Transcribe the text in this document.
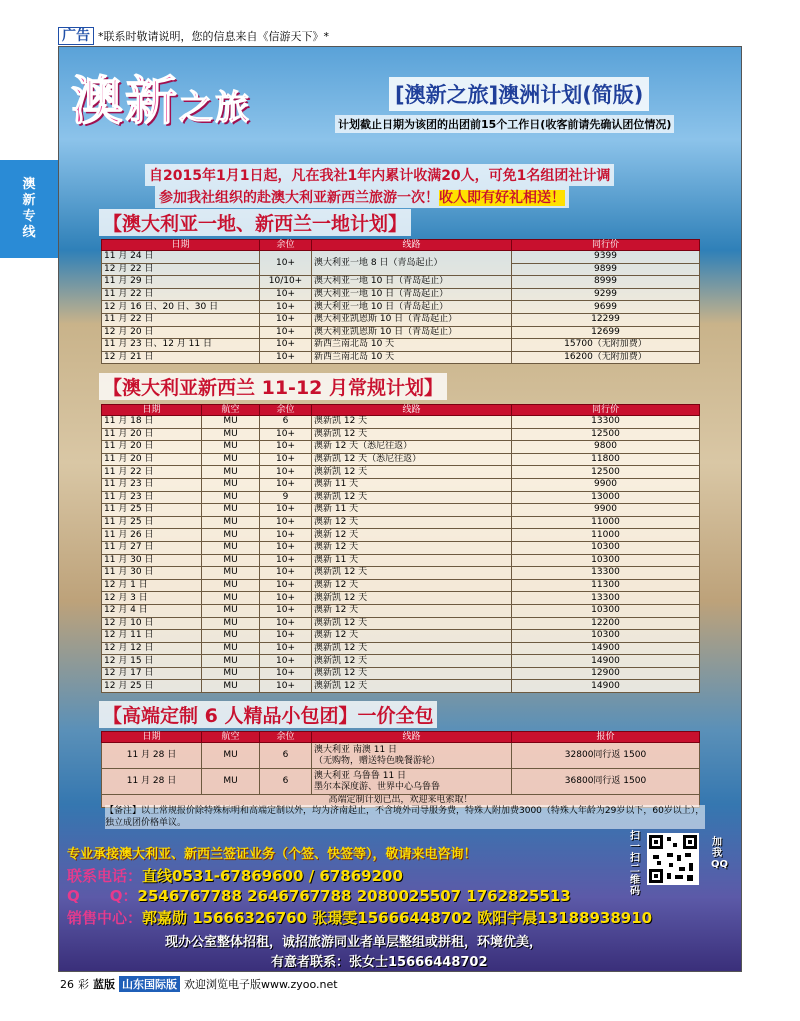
广告 *联系时敬请说明，您的信息来自《信游天下》*
澳
新
专
线
澳新之旅	[澳新之旅]澳洲计划(简版)
计划截止日期为该团的出团前15个工作日(收客前请先确认团位情况)
自2015年1月1日起，凡在我社1年内累计收满20人，可免1名组团社计调
参加我社组织的赴澳大利亚新西兰旅游一次！收人即有好礼相送！
【澳大利亚一地、新西兰一地计划】
日期	余位	线路	同行价
11 月 24 日	10+	澳大利亚一地 8 日（青岛起止）	9399
12 月 22 日			9899
11 月 29 日	10/10+	澳大利亚一地 10 日（青岛起止）	8999
11 月 22 日	10+	澳大利亚一地 10 日（青岛起止）	9299
12 月 16 日、20 日、30 日	10+	澳大利亚一地 10 日（青岛起止）	9699
11 月 22 日	10+	澳大利亚凯恩斯 10 日（青岛起止）	12299
12 月 20 日	10+	澳大利亚凯恩斯 10 日（青岛起止）	12699
11 月 23 日、12 月 11 日	10+	新西兰南北岛 10 天	15700（无附加费）
12 月 21 日	10+	新西兰南北岛 10 天	16200（无附加费）
【澳大利亚新西兰 11-12 月常规计划】
日期	航空	余位	线路	同行价
11 月 18 日	MU	6	澳新凯 12 天	13300
11 月 20 日	MU	10+	澳新凯 12 天	12500
11 月 20 日	MU	10+	澳新 12 天（悉尼往返）	9800
11 月 20 日	MU	10+	澳新凯 12 天（悉尼往返）	11800
11 月 22 日	MU	10+	澳新凯 12 天	12500
11 月 23 日	MU	10+	澳新 11 天	9900
11 月 23 日	MU	9	澳新凯 12 天	13000
11 月 25 日	MU	10+	澳新 11 天	9900
11 月 25 日	MU	10+	澳新 12 天	11000
11 月 26 日	MU	10+	澳新 12 天	11000
11 月 27 日	MU	10+	澳新 12 天	10300
11 月 30 日	MU	10+	澳新 11 天	10300
11 月 30 日	MU	10+	澳新凯 12 天	13300
12 月 1 日	MU	10+	澳新 12 天	11300
12 月 3 日	MU	10+	澳新凯 12 天	13300
12 月 4 日	MU	10+	澳新 12 天	10300
12 月 10 日	MU	10+	澳新凯 12 天	12200
12 月 11 日	MU	10+	澳新 12 天	10300
12 月 12 日	MU	10+	澳新凯 12 天	14900
12 月 15 日	MU	10+	澳新凯 12 天	14900
12 月 17 日	MU	10+	澳新凯 12 天	12900
12 月 25 日	MU	10+	澳新凯 12 天	14900
【高端定制 6 人精品小包团】一价全包
日期	航空	余位	线路	报价
11 月 28 日	MU	6	澳大利亚 南澳 11 日
（无购物，赠送特色晚餐游轮）	32800同行返 1500
11 月 28 日	MU	6	澳大利亚 乌鲁鲁 11 日
墨尔本深度游、世界中心乌鲁鲁	36800同行返 1500
高端定制计划已出，欢迎来电索取！				
【备注】以上常规报价除特殊标明和高端定制以外，均为济南起止，不含境外司导服务费，特殊人附加费3000（特殊人年龄为29岁以下，60岁以上），独立成团价格单议。
专业承接澳大利亚、新西兰签证业务（个签、快签等），敬请来电咨询！
联系电话：直线0531-67869600 / 67869200
Q　　Q：2546767788 2646767788 2080025507 1762825513
销售中心：郭嘉勋 15666326760 张璟雯15666448702 欧阳宇晨13188938910
现办公室整体招租，诚招旅游同业者单层整组或拼租，环境优美，
有意者联系：张女士15666448702
扫一扫二维码
加我QQ
26 彩 蓝版 山东国际版 欢迎浏览电子版www.zyoo.net
